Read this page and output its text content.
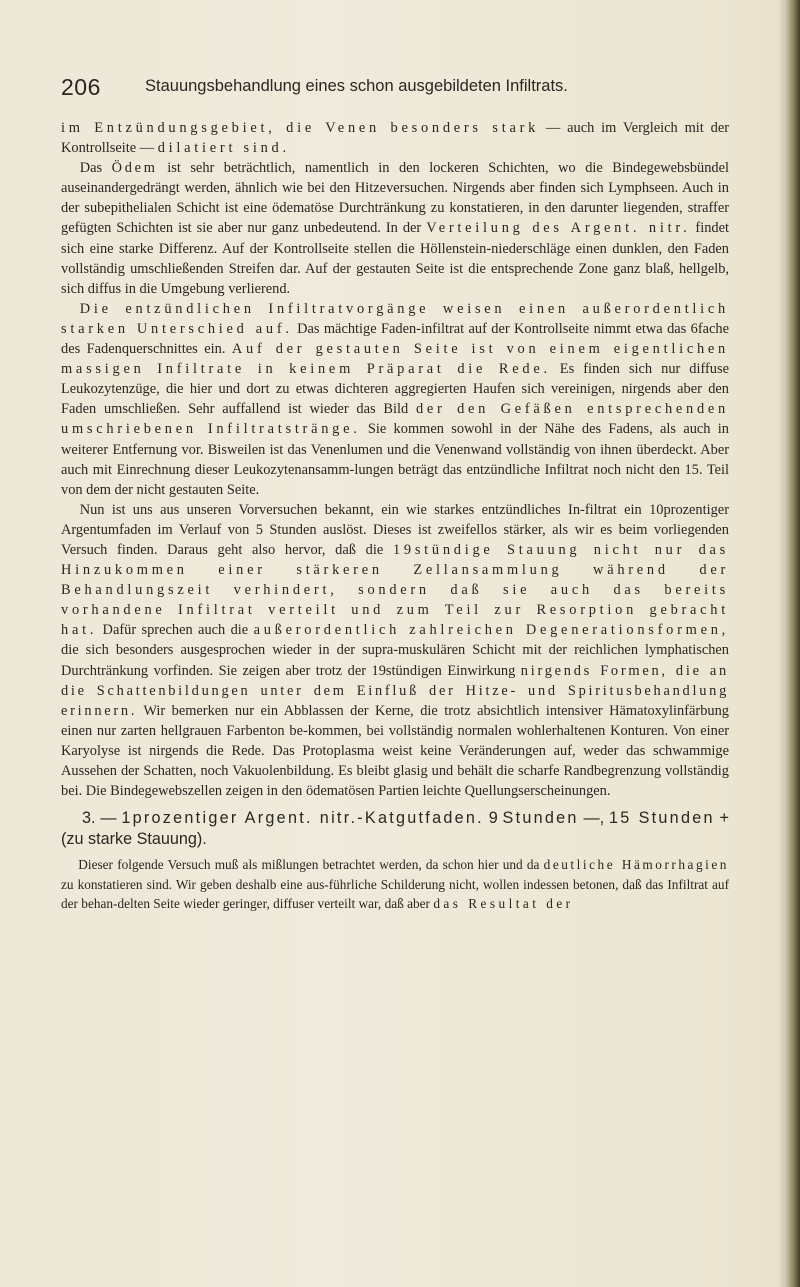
206	Stauungsbehandlung eines schon ausgebildeten Infiltrats.

im Entzündungsgebiet, die Venen besonders stark — auch im Vergleich mit der Kontrollseite — dilatiert sind.

Das Ödem ist sehr beträchtlich, namentlich in den lockeren Schichten, wo die Bindegewebsbündel auseinandergedrängt werden, ähnlich wie bei den Hitzeversuchen. Nirgends aber finden sich Lymphseen. Auch in der subepithelialen Schicht ist eine ödematöse Durchtränkung zu konstatieren, in den darunter liegenden, straffer gefügten Schichten ist sie aber nur ganz unbedeutend. In der Verteilung des Argent. nitr. findet sich eine starke Differenz. Auf der Kontrollseite stellen die Höllenstein-niederschläge einen dunklen, den Faden vollständig umschließenden Streifen dar. Auf der gestauten Seite ist die entsprechende Zone ganz blaß, hellgelb, sich diffus in die Umgebung verlierend.

Die entzündlichen Infiltratvorgänge weisen einen außerordentlich starken Unterschied auf. Das mächtige Faden-infiltrat auf der Kontrollseite nimmt etwa das 6fache des Fadenquerschnittes ein. Auf der gestauten Seite ist von einem eigentlichen massigen Infiltrate in keinem Präparat die Rede. Es finden sich nur diffuse Leukozytenzüge, die hier und dort zu etwas dichteren aggregierten Haufen sich vereinigen, nirgends aber den Faden umschließen. Sehr auffallend ist wieder das Bild der den Gefäßen entsprechenden umschriebenen Infiltratstränge. Sie kommen sowohl in der Nähe des Fadens, als auch in weiterer Entfernung vor. Bisweilen ist das Venenlumen und die Venenwand vollständig von ihnen überdeckt. Aber auch mit Einrechnung dieser Leukozytenansamm-lungen beträgt das entzündliche Infiltrat noch nicht den 15. Teil von dem der nicht gestauten Seite.

Nun ist uns aus unseren Vorversuchen bekannt, ein wie starkes entzündliches In-filtrat ein 10prozentiger Argentumfaden im Verlauf von 5 Stunden auslöst. Dieses ist zweifellos stärker, als wir es beim vorliegenden Versuch finden. Daraus geht also hervor, daß die 19stündige Stauung nicht nur das Hinzukommen einer stärkeren Zellansammlung während der Behandlungszeit verhindert, sondern daß sie auch das bereits vorhandene Infiltrat verteilt und zum Teil zur Resorption gebracht hat. Dafür sprechen auch die außerordentlich zahlreichen Degenerationsformen, die sich besonders ausgesprochen wieder in der supra-muskulären Schicht mit der reichlichen lymphatischen Durchtränkung vorfinden. Sie zeigen aber trotz der 19stündigen Einwirkung nirgends Formen, die an die Schattenbildungen unter dem Einfluß der Hitze- und Spiritusbehandlung erinnern. Wir bemerken nur ein Abblassen der Kerne, die trotz absichtlich intensiver Hämatoxylinfärbung einen nur zarten hellgrauen Farbenton be-kommen, bei vollständig normalen wohlerhaltenen Konturen. Von einer Karyolyse ist nirgends die Rede. Das Protoplasma weist keine Veränderungen auf, weder das schwammige Aussehen der Schatten, noch Vakuolenbildung. Es bleibt glasig und behält die scharfe Randbegrenzung vollständig bei. Die Bindegewebszellen zeigen in den ödematösen Partien leichte Quellungserscheinungen.

3. — 1prozentiger Argent. nitr.-Katgutfaden. 9 Stunden —, 15 Stunden + (zu starke Stauung).

Dieser folgende Versuch muß als mißlungen betrachtet werden, da schon hier und da deutliche Hämorrhagien zu konstatieren sind. Wir geben deshalb eine aus-führliche Schilderung nicht, wollen indessen betonen, daß das Infiltrat auf der behan-delten Seite wieder geringer, diffuser verteilt war, daß aber das Resultat der
